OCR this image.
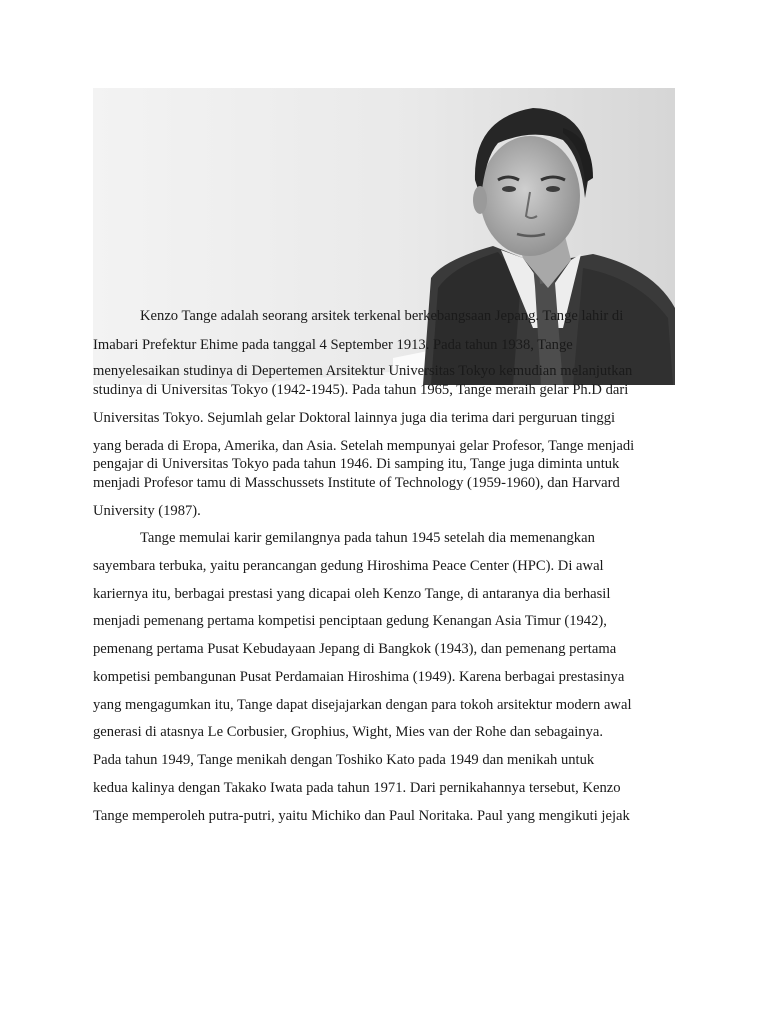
Kenzo Tange adalah seorang arsitek terkenal berkebangsaan Jepang. Tange lahir di
Imabari Prefektur Ehime pada tanggal 4 September 1913. Pada tahun 1938, Tange
menyelesaikan studinya di Depertemen Arsitektur Universitas Tokyo kemudian melanjutkan
studinya di Universitas Tokyo (1942-1945). Pada tahun 1965, Tange meraih gelar Ph.D dari
Universitas Tokyo. Sejumlah gelar Doktoral lainnya juga dia terima dari perguruan tinggi
yang berada di Eropa, Amerika, dan Asia. Setelah mempunyai gelar Profesor, Tange menjadi
pengajar di Universitas Tokyo pada tahun 1946. Di samping itu, Tange juga diminta untuk
menjadi Profesor tamu di Masschussets Institute of Technology (1959-1960), dan Harvard
University (1987).
Tange memulai karir gemilangnya pada tahun 1945 setelah dia memenangkan
sayembara terbuka, yaitu perancangan gedung Hiroshima Peace Center (HPC). Di awal
kariernya itu, berbagai prestasi yang dicapai oleh Kenzo Tange, di antaranya dia berhasil
menjadi pemenang pertama kompetisi penciptaan gedung Kenangan Asia Timur (1942),
pemenang pertama Pusat Kebudayaan Jepang di Bangkok (1943), dan pemenang pertama
kompetisi pembangunan Pusat Perdamaian Hiroshima (1949). Karena berbagai prestasinya
yang mengagumkan itu, Tange dapat disejajarkan dengan para tokoh arsitektur modern awal
generasi di atasnya Le Corbusier, Grophius, Wight, Mies van der Rohe dan sebagainya.
Pada tahun 1949, Tange menikah dengan Toshiko Kato pada 1949 dan menikah untuk
kedua kalinya dengan Takako Iwata pada tahun 1971. Dari pernikahannya tersebut, Kenzo
Tange memperoleh putra-putri, yaitu Michiko dan Paul Noritaka. Paul yang mengikuti jejak
